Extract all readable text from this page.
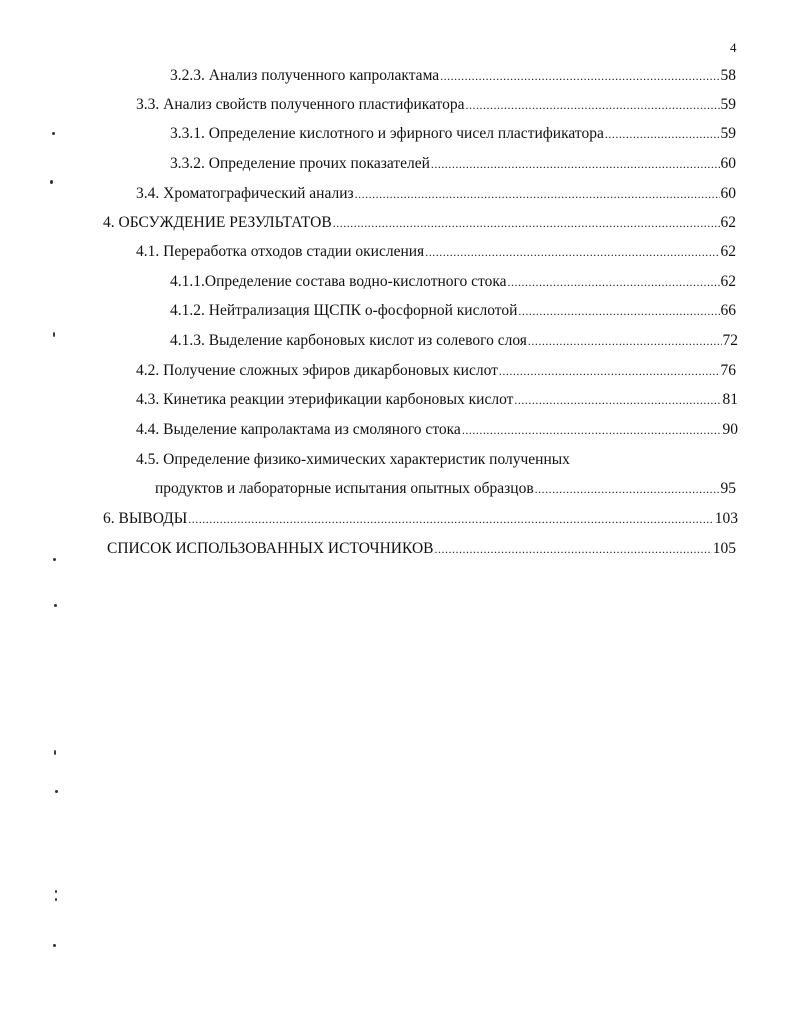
4
3.2.3. Анализ полученного капролактама .....	58
3.3. Анализ свойств полученного пластификатора .....	59
3.3.1. Определение кислотного и эфирного чисел пластификатора .....	59
3.3.2. Определение прочих показателей .....	60
3.4. Хроматографический анализ .....	60
4. ОБСУЖДЕНИЕ РЕЗУЛЬТАТОВ .....	62
4.1. Переработка отходов стадии окисления .....	62
4.1.1.Определение состава водно-кислотного стока .....	62
4.1.2. Нейтрализация ЩСПК о-фосфорной кислотой .....	66
4.1.3. Выделение карбоновых кислот из солевого слоя .....	72
4.2. Получение сложных эфиров дикарбоновых кислот .....	76
4.3. Кинетика реакции этерификации карбоновых кислот .....	81
4.4. Выделение капролактама из смоляного стока .....	90
4.5. Определение физико-химических характеристик полученных
продуктов и лабораторные испытания опытных образцов .....	95
6. ВЫВОДЫ .....	103
СПИСОК ИСПОЛЬЗОВАННЫХ ИСТОЧНИКОВ .....	105
